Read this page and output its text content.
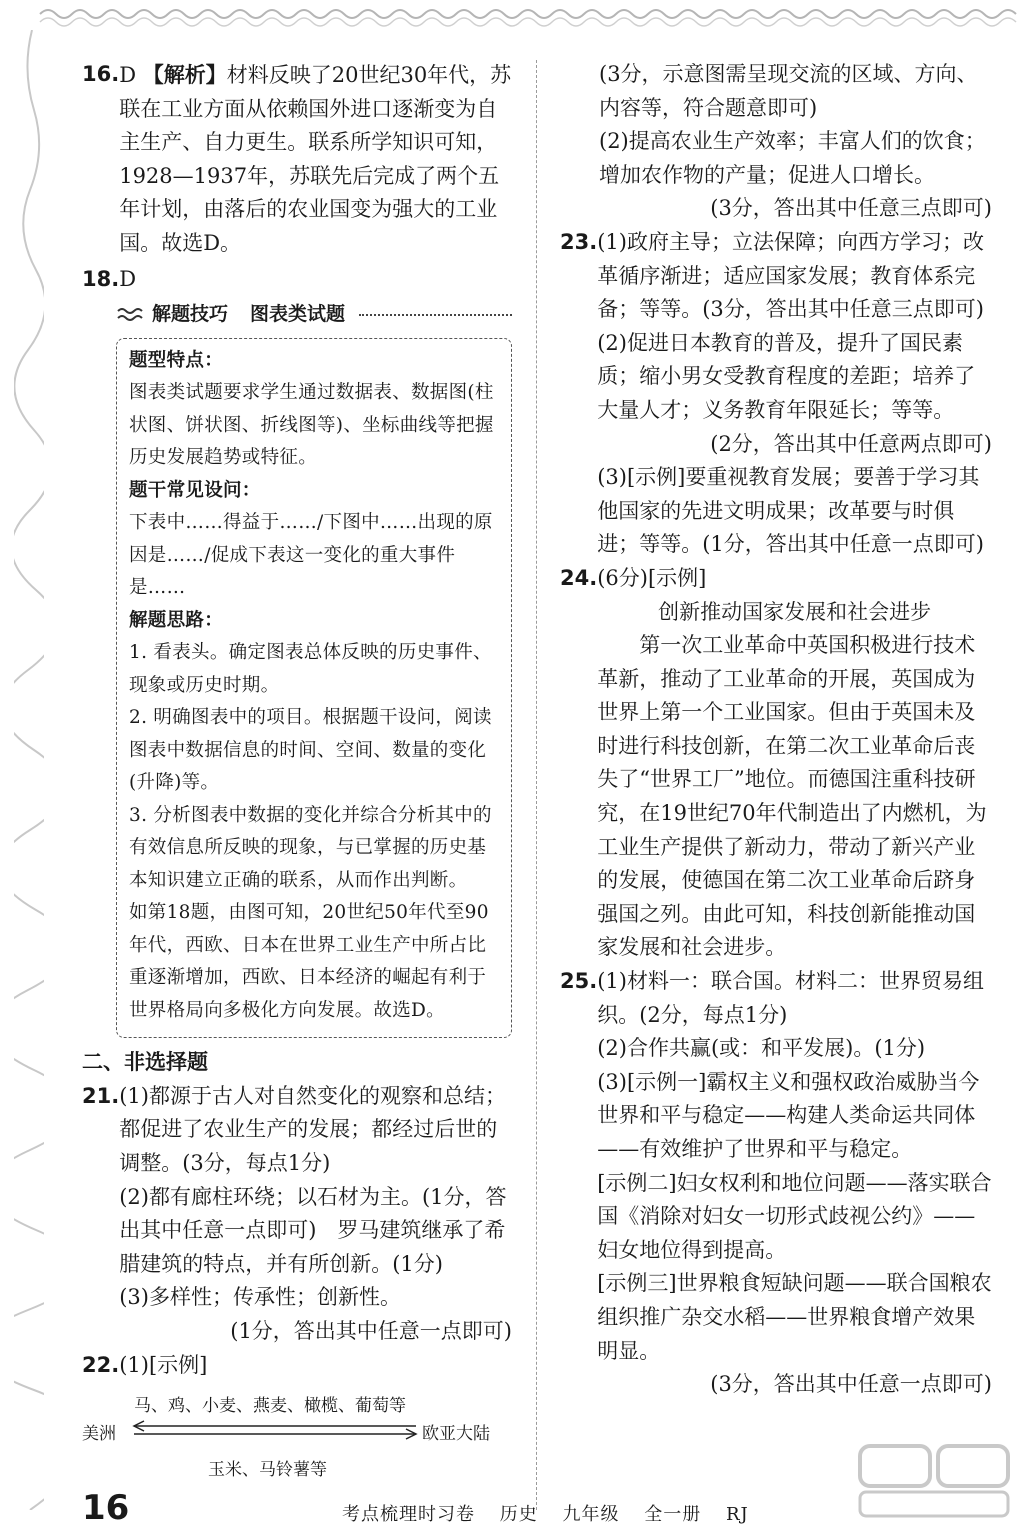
16. D 【解析】材料反映了20世纪30年代，苏联在工业方面从依赖国外进口逐渐变为自主生产、自力更生。联系所学知识可知，1928—1937年，苏联先后完成了两个五年计划，由落后的农业国变为强大的工业国。故选D。
18. D
解题技巧 图表类试题

题型特点：

图表类试题要求学生通过数据表、数据图(柱状图、饼状图、折线图等)、坐标曲线等把握历史发展趋势或特征。

题干常见设问：

下表中……得益于……/下图中……出现的原因是……/促成下表这一变化的重大事件是……

解题思路：

1. 看表头。确定图表总体反映的历史事件、现象或历史时期。

2. 明确图表中的项目。根据题干设问，阅读图表中数据信息的时间、空间、数量的变化(升降)等。

3. 分析图表中数据的变化并综合分析其中的有效信息所反映的现象，与已掌握的历史基本知识建立正确的联系，从而作出判断。

如第18题，由图可知，20世纪50年代至90年代，西欧、日本在世界工业生产中所占比重逐渐增加，西欧、日本经济的崛起有利于世界格局向多极化方向发展。故选D。

二、非选择题

21. (1)都源于古人对自然变化的观察和总结；都促进了农业生产的发展；都经过后世的调整。(3分，每点1分)

(2)都有廊柱环绕；以石材为主。(1分，答出其中任意一点即可)　罗马建筑继承了希腊建筑的特点，并有所创新。(1分)

(3)多样性；传承性；创新性。

(1分，答出其中任意一点即可)

22. (1)[示例]

马、鸡、小麦、燕麦、橄榄、葡萄等
美洲	欧亚大陆
玉米、马铃薯等

(3分，示意图需呈现交流的区域、方向、内容等，符合题意即可)

(2)提高农业生产效率；丰富人们的饮食；增加农作物的产量；促进人口增长。

(3分，答出其中任意三点即可)

23. (1)政府主导；立法保障；向西方学习；改革循序渐进；适应国家发展；教育体系完备；等等。(3分，答出其中任意三点即可)

(2)促进日本教育的普及，提升了国民素质；缩小男女受教育程度的差距；培养了大量人才；义务教育年限延长；等等。

(2分，答出其中任意两点即可)

(3)[示例]要重视教育发展；要善于学习其他国家的先进文明成果；改革要与时俱进；等等。(1分，答出其中任意一点即可)

24. (6分)[示例]

创新推动国家发展和社会进步

第一次工业革命中英国积极进行技术革新，推动了工业革命的开展，英国成为世界上第一个工业国家。但由于英国未及时进行科技创新，在第二次工业革命后丧失了“世界工厂”地位。而德国注重科技研究，在19世纪70年代制造出了内燃机，为工业生产提供了新动力，带动了新兴产业的发展，使德国在第二次工业革命后跻身强国之列。由此可知，科技创新能推动国家发展和社会进步。

25. (1)材料一：联合国。材料二：世界贸易组织。(2分，每点1分)

(2)合作共赢(或：和平发展)。(1分)

(3)[示例一]霸权主义和强权政治威胁当今世界和平与稳定——构建人类命运共同体——有效维护了世界和平与稳定。

[示例二]妇女权利和地位问题——落实联合国《消除对妇女一切形式歧视公约》——妇女地位得到提高。

[示例三]世界粮食短缺问题——联合国粮农组织推广杂交水稻——世界粮食增产效果明显。

(3分，答出其中任意一点即可)

16	考点梳理时习卷 历史 九年级 全一册 RJ
